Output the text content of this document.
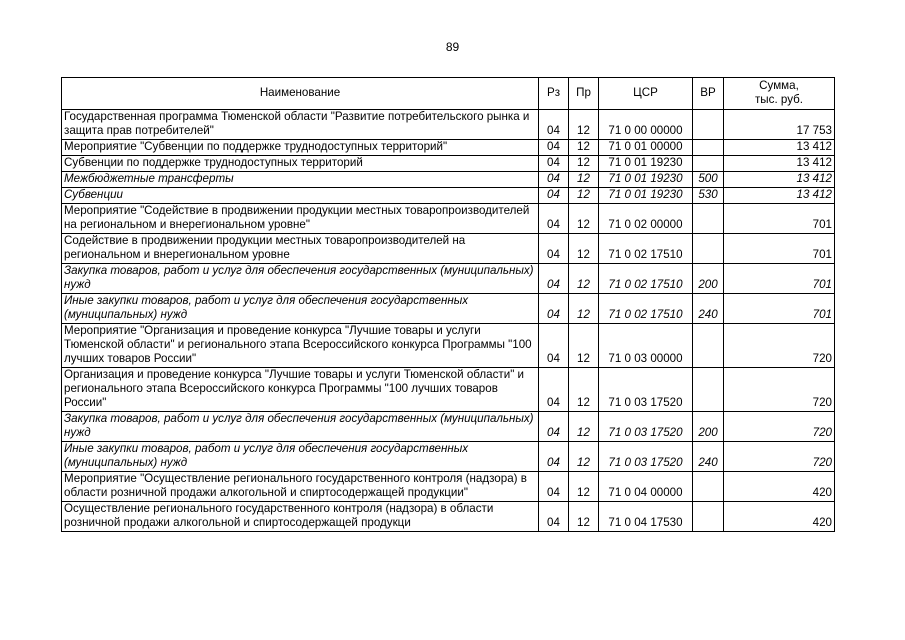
89
Наименование	Рз	Пр	ЦСР	ВР	Сумма,
тыс. руб.
Государственная программа Тюменской области "Развитие потребительского рынка и защита прав потребителей"	04	12	71 0 00 00000		17 753
Мероприятие "Субвенции по поддержке труднодоступных территорий"	04	12	71 0 01 00000		13 412
Субвенции по поддержке труднодоступных территорий	04	12	71 0 01 19230		13 412
Межбюджетные трансферты	04	12	71 0 01 19230	500	13 412
Субвенции	04	12	71 0 01 19230	530	13 412
Мероприятие "Содействие в продвижении продукции местных товаропроизводителей на региональном и внерегиональном уровне"	04	12	71 0 02 00000		701
Содействие в продвижении продукции местных товаропроизводителей на региональном и внерегиональном уровне	04	12	71 0 02 17510		701
Закупка товаров, работ и услуг для обеспечения государственных (муниципальных) нужд	04	12	71 0 02 17510	200	701
Иные закупки товаров, работ и услуг для обеспечения государственных (муниципальных) нужд	04	12	71 0 02 17510	240	701
Мероприятие "Организация и проведение конкурса "Лучшие товары и услуги Тюменской области" и регионального этапа Всероссийского конкурса Программы "100 лучших товаров России"	04	12	71 0 03 00000		720
Организация и проведение конкурса "Лучшие товары и услуги Тюменской области" и регионального этапа Всероссийского конкурса Программы "100 лучших товаров России"	04	12	71 0 03 17520		720
Закупка товаров, работ и услуг для обеспечения государственных (муниципальных) нужд	04	12	71 0 03 17520	200	720
Иные закупки товаров, работ и услуг для обеспечения государственных (муниципальных) нужд	04	12	71 0 03 17520	240	720
Мероприятие "Осуществление регионального государственного контроля (надзора) в области розничной продажи алкогольной и спиртосодержащей продукции"	04	12	71 0 04 00000		420
Осуществление регионального государственного контроля (надзора) в области розничной продажи алкогольной и спиртосодержащей продукци	04	12	71 0 04 17530		420
